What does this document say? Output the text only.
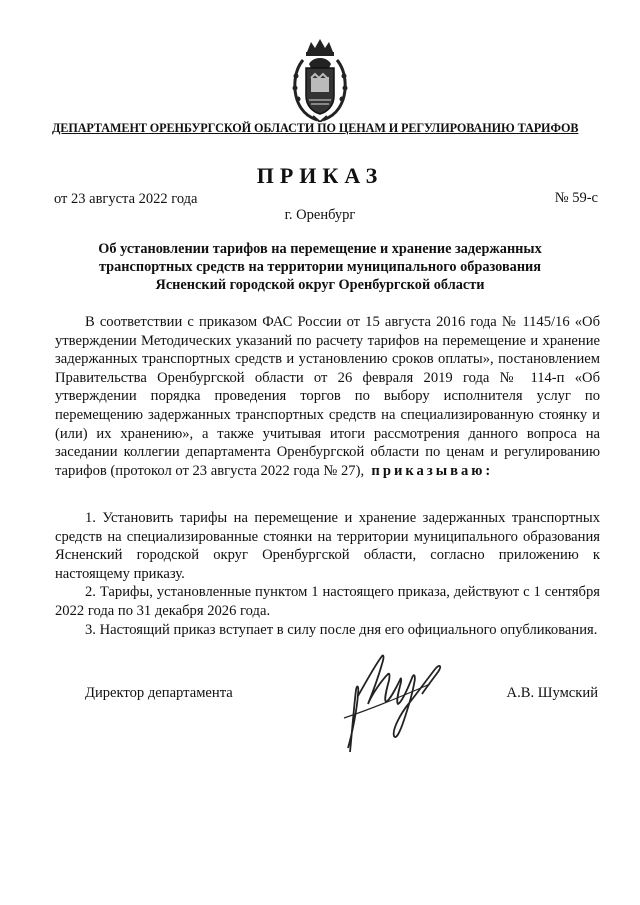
ДЕПАРТАМЕНТ ОРЕНБУРГСКОЙ ОБЛАСТИ ПО ЦЕНАМ И РЕГУЛИРОВАНИЮ ТАРИФОВ
ПРИКАЗ
от 23 августа 2022 года	№ 59-с
г. Оренбург
Об установлении тарифов на перемещение и хранение задержанных
транспортных средств на территории муниципального образования
Ясненский городской округ Оренбургской области

В соответствии с приказом ФАС России от 15 августа 2016 года № 1145/16 «Об утверждении Методических указаний по расчету тарифов на перемещение и хранение задержанных транспортных средств и установлению сроков оплаты», постановлением Правительства Оренбургской области от 26 февраля 2019 года № 114-п «Об утверждении порядка проведения торгов по выбору исполнителя услуг по перемещению задержанных транспортных средств на специализированную стоянку и (или) их хранению», а также учитывая итоги рассмотрения данного вопроса на заседании коллегии департамента Оренбургской области по ценам и регулированию тарифов (протокол от 23 августа 2022 года № 27), приказываю:

1. Установить тарифы на перемещение и хранение задержанных транспортных средств на специализированные стоянки на территории муниципального образования Ясненский городской округ Оренбургской области, согласно приложению к настоящему приказу.

2. Тарифы, установленные пунктом 1 настоящего приказа, действуют с 1 сентября 2022 года по 31 декабря 2026 года.

3. Настоящий приказ вступает в силу после дня его официального опубликования.

Директор департамента	А.В. Шумский
